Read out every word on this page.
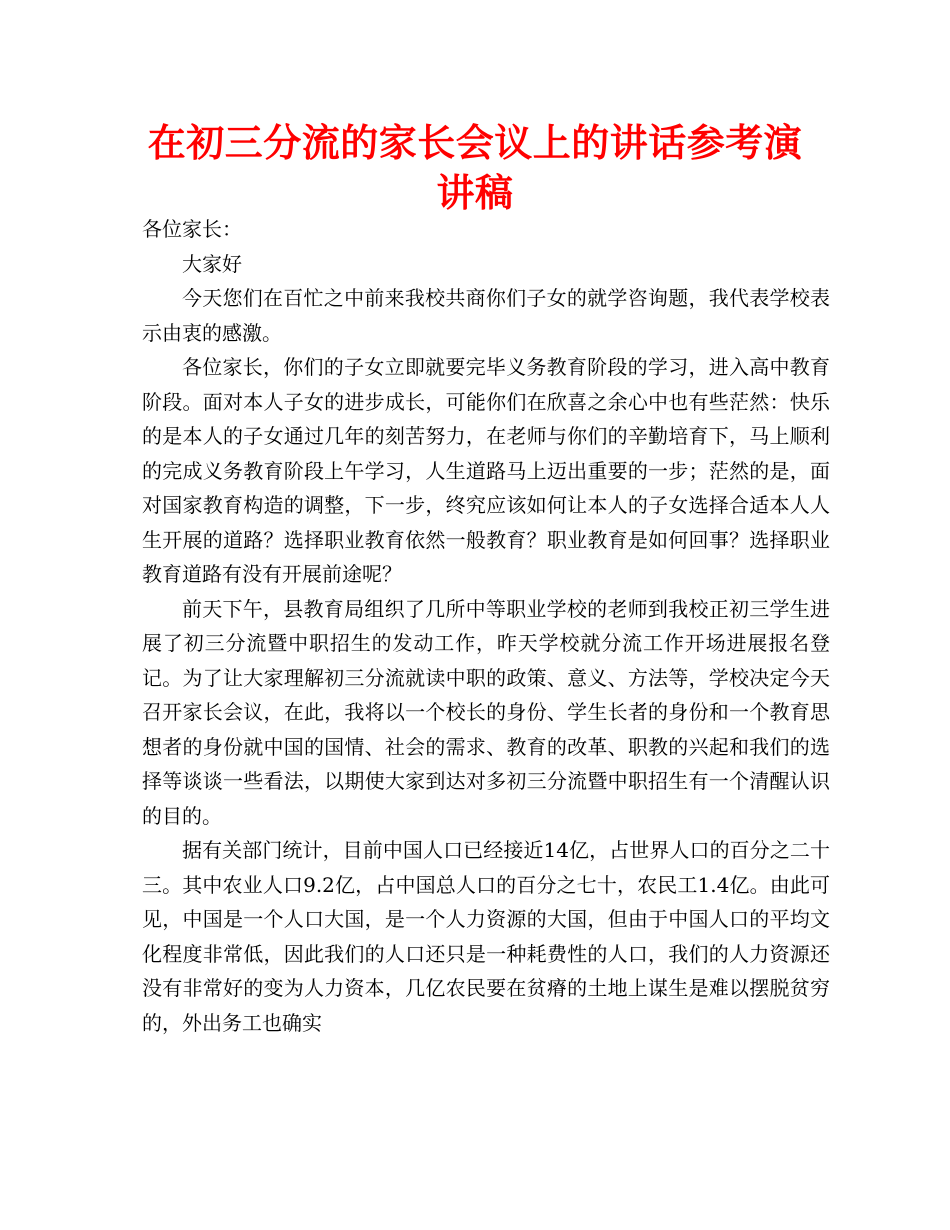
在初三分流的家长会议上的讲话参考演讲稿

各位家长：

大家好

今天您们在百忙之中前来我校共商你们子女的就学咨询题，我代表学校表示由衷的感激。

各位家长，你们的子女立即就要完毕义务教育阶段的学习，进入高中教育阶段。面对本人子女的进步成长，可能你们在欣喜之余心中也有些茫然：快乐的是本人的子女通过几年的刻苦努力，在老师与你们的辛勤培育下，马上顺利的完成义务教育阶段上午学习，人生道路马上迈出重要的一步；茫然的是，面对国家教育构造的调整，下一步，终究应该如何让本人的子女选择合适本人人生开展的道路？选择职业教育依然一般教育？职业教育是如何回事？选择职业教育道路有没有开展前途呢？

前天下午，县教育局组织了几所中等职业学校的老师到我校正初三学生进展了初三分流暨中职招生的发动工作，昨天学校就分流工作开场进展报名登记。为了让大家理解初三分流就读中职的政策、意义、方法等，学校决定今天召开家长会议，在此，我将以一个校长的身份、学生长者的身份和一个教育思想者的身份就中国的国情、社会的需求、教育的改革、职教的兴起和我们的选择等谈谈一些看法，以期使大家到达对多初三分流暨中职招生有一个清醒认识的目的。

据有关部门统计，目前中国人口已经接近14亿，占世界人口的百分之二十三。其中农业人口9.2亿，占中国总人口的百分之七十，农民工1.4亿。由此可见，中国是一个人口大国，是一个人力资源的大国，但由于中国人口的平均文化程度非常低，因此我们的人口还只是一种耗费性的人口，我们的人力资源还没有非常好的变为人力资本，几亿农民要在贫瘠的土地上谋生是难以摆脱贫穷的，外出务工也确实
